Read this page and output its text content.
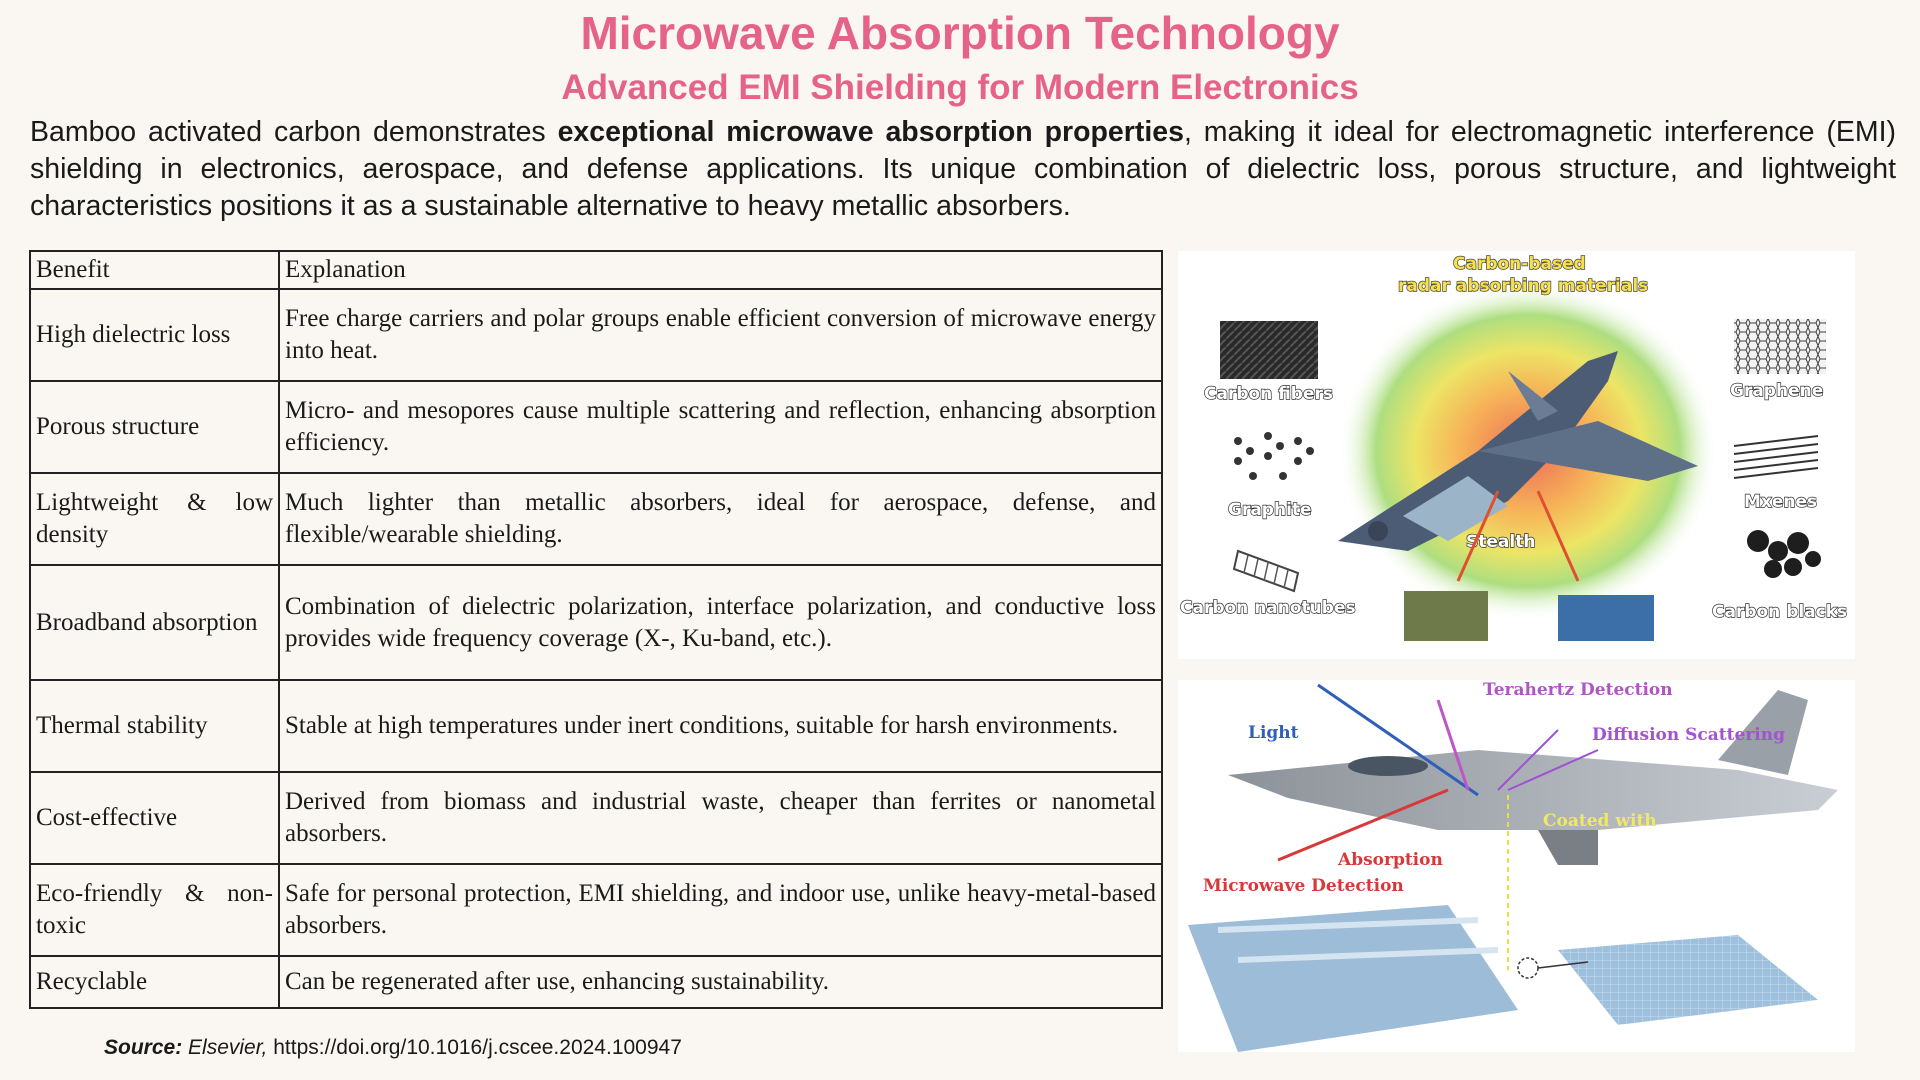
Microwave Absorption Technology
Advanced EMI Shielding for Modern Electronics

Bamboo activated carbon demonstrates exceptional microwave absorption properties, making it ideal for electromagnetic interference (EMI) shielding in electronics, aerospace, and defense applications. Its unique combination of dielectric loss, porous structure, and lightweight characteristics positions it as a sustainable alternative to heavy metallic absorbers.

Benefit	Explanation
High dielectric loss	Free charge carriers and polar groups enable efficient conversion of microwave energy into heat.
Porous structure	Micro- and mesopores cause multiple scattering and reflection, enhancing absorption efficiency.
Lightweight & low density	Much lighter than metallic absorbers, ideal for aerospace, defense, and flexible/wearable shielding.
Broadband absorption	Combination of dielectric polarization, interface polarization, and conductive loss provides wide frequency coverage (X-, Ku-band, etc.).
Thermal stability	Stable at high temperatures under inert conditions, suitable for harsh environments.
Cost-effective	Derived from biomass and industrial waste, cheaper than ferrites or nanometal absorbers.
Eco-friendly & non-toxic	Safe for personal protection, EMI shielding, and indoor use, unlike heavy-metal-based absorbers.
Recyclable	Can be regenerated after use, enhancing sustainability.
Source: Elsevier, https://doi.org/10.1016/j.cscee.2024.100947
Carbon fibers
Graphite
Carbon nanotubes
Graphene
Mxenes
Carbon blacks
Stealth
Carbon-based
radar absorbing materials
Terahertz Detection
Light	Diffusion Scattering
Coated with
Absorption
Microwave Detection
